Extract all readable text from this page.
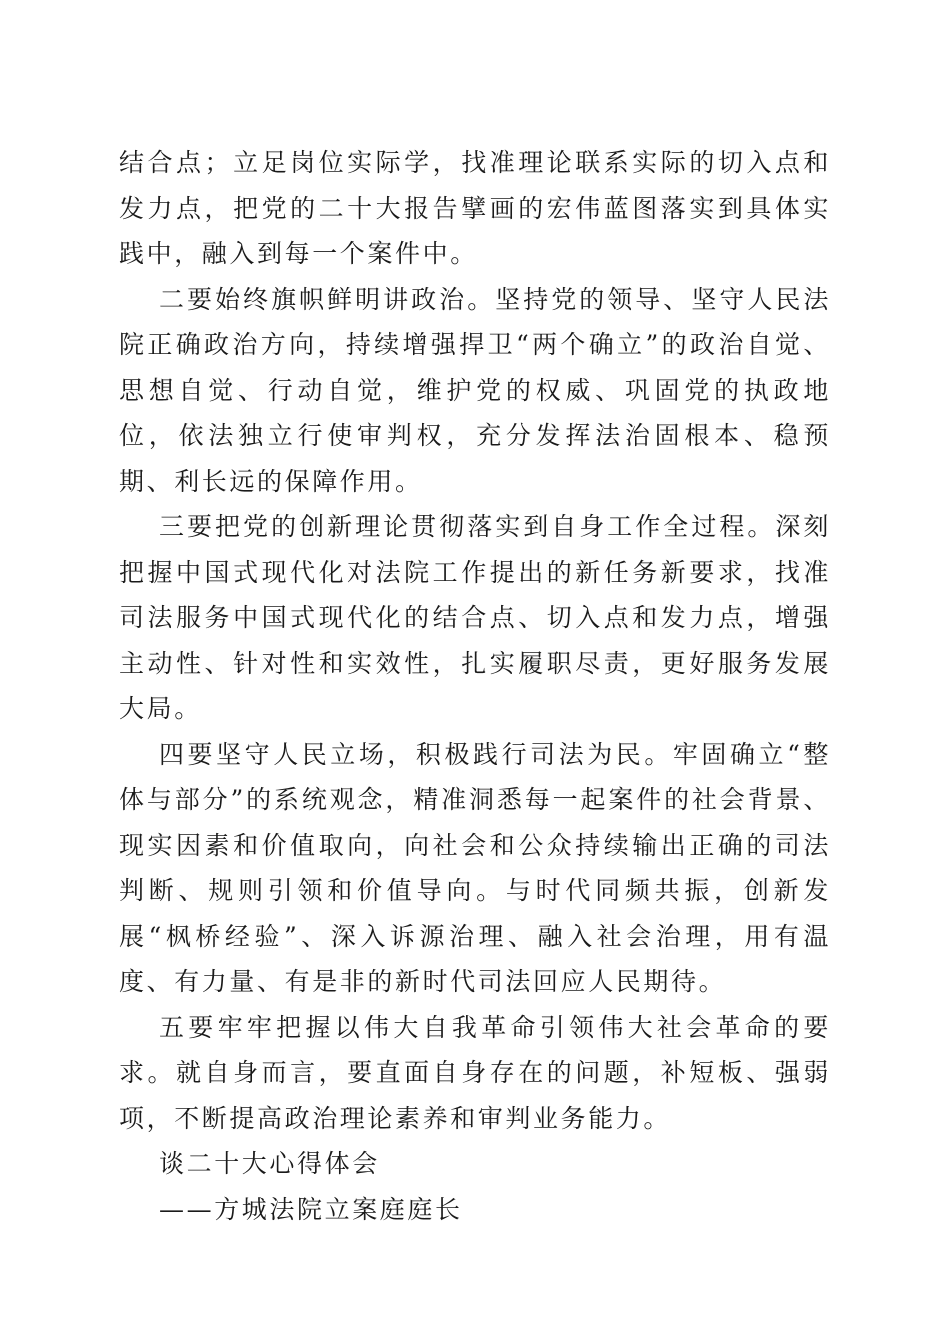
结合点；立足岗位实际学，找准理论联系实际的切入点和发力点，把党的二十大报告擘画的宏伟蓝图落实到具体实践中，融入到每一个案件中。

二要始终旗帜鲜明讲政治。坚持党的领导、坚守人民法院正确政治方向，持续增强捍卫“两个确立”的政治自觉、思想自觉、行动自觉，维护党的权威、巩固党的执政地位，依法独立行使审判权，充分发挥法治固根本、稳预期、利长远的保障作用。

三要把党的创新理论贯彻落实到自身工作全过程。深刻把握中国式现代化对法院工作提出的新任务新要求，找准司法服务中国式现代化的结合点、切入点和发力点，增强主动性、针对性和实效性，扎实履职尽责，更好服务发展大局。

四要坚守人民立场，积极践行司法为民。牢固确立“整体与部分”的系统观念，精准洞悉每一起案件的社会背景、现实因素和价值取向，向社会和公众持续输出正确的司法判断、规则引领和价值导向。与时代同频共振，创新发展“枫桥经验”、深入诉源治理、融入社会治理，用有温度、有力量、有是非的新时代司法回应人民期待。

五要牢牢把握以伟大自我革命引领伟大社会革命的要求。就自身而言，要直面自身存在的问题，补短板、强弱项，不断提高政治理论素养和审判业务能力。

谈二十大心得体会

——方城法院立案庭庭长
